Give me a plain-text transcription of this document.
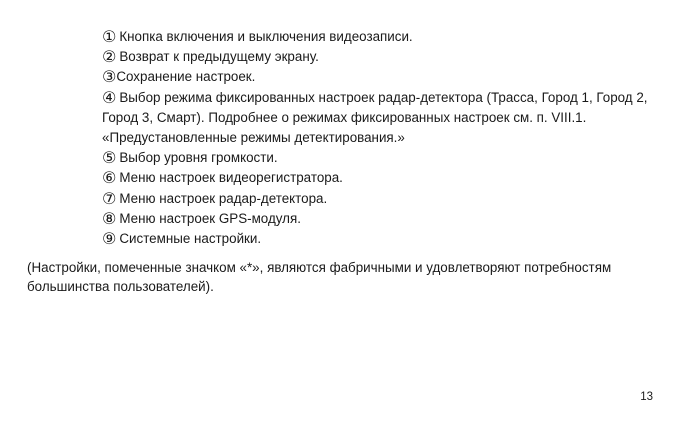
① Кнопка включения и выключения видеозаписи.
② Возврат к предыдущему экрану.
③Сохранение настроек.
④ Выбор режима фиксированных настроек радар-детектора (Трасса, Город 1, Город 2, Город 3, Смарт). Подробнее о режимах фиксированных настроек см. п. VIII.1. «Предустановленные режимы детектирования.»
⑤ Выбор уровня громкости.
⑥ Меню настроек видеорегистратора.
⑦ Меню настроек радар-детектора.
⑧ Меню настроек GPS-модуля.
⑨ Системные настройки.

(Настройки, помеченные значком «*», являются фабричными и удовлетворяют потребностям большинства пользователей).

13
